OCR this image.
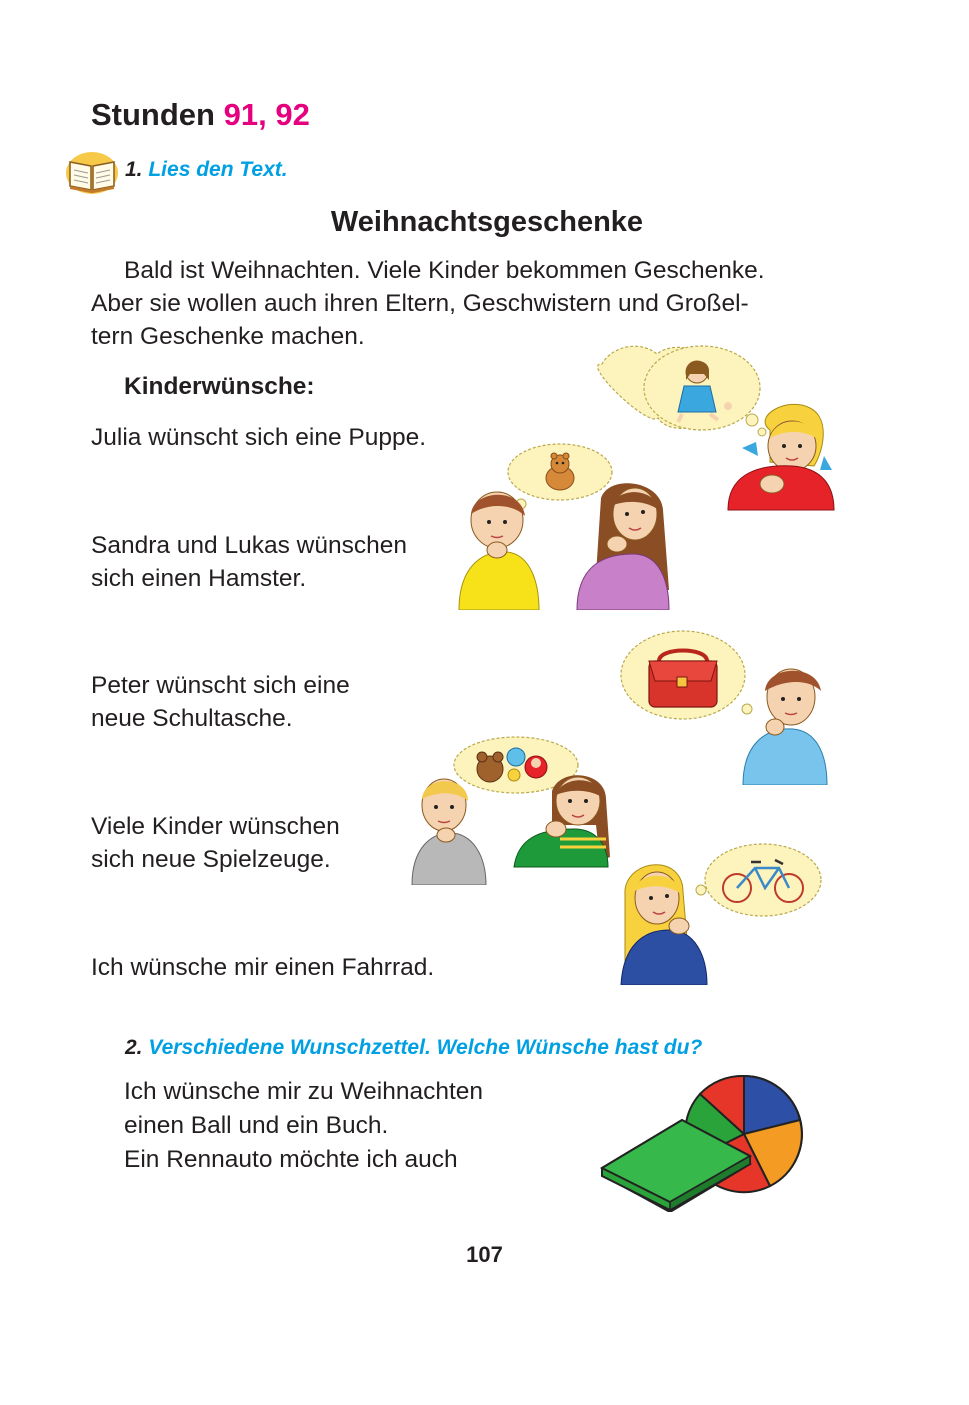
Stunden 91, 92
1. Lies den Text.
Weihnachtsgeschenke
Bald ist Weihnachten. Viele Kinder bekommen Geschenke.
Aber sie wollen auch ihren Eltern, Geschwistern und Großel-
tern Geschenke machen.
Kinderwünsche:
Julia wünscht sich eine Puppe.
Sandra und Lukas wünschen
sich einen Hamster.
Peter wünscht sich eine
neue Schultasche.
Viele Kinder wünschen
sich neue Spielzeuge.
Ich wünsche mir einen Fahrrad.
2. Verschiedene Wunschzettel. Welche Wünsche hast du?
Ich wünsche mir zu Weihnachten
einen Ball und ein Buch.
Ein Rennauto möchte ich auch
107
